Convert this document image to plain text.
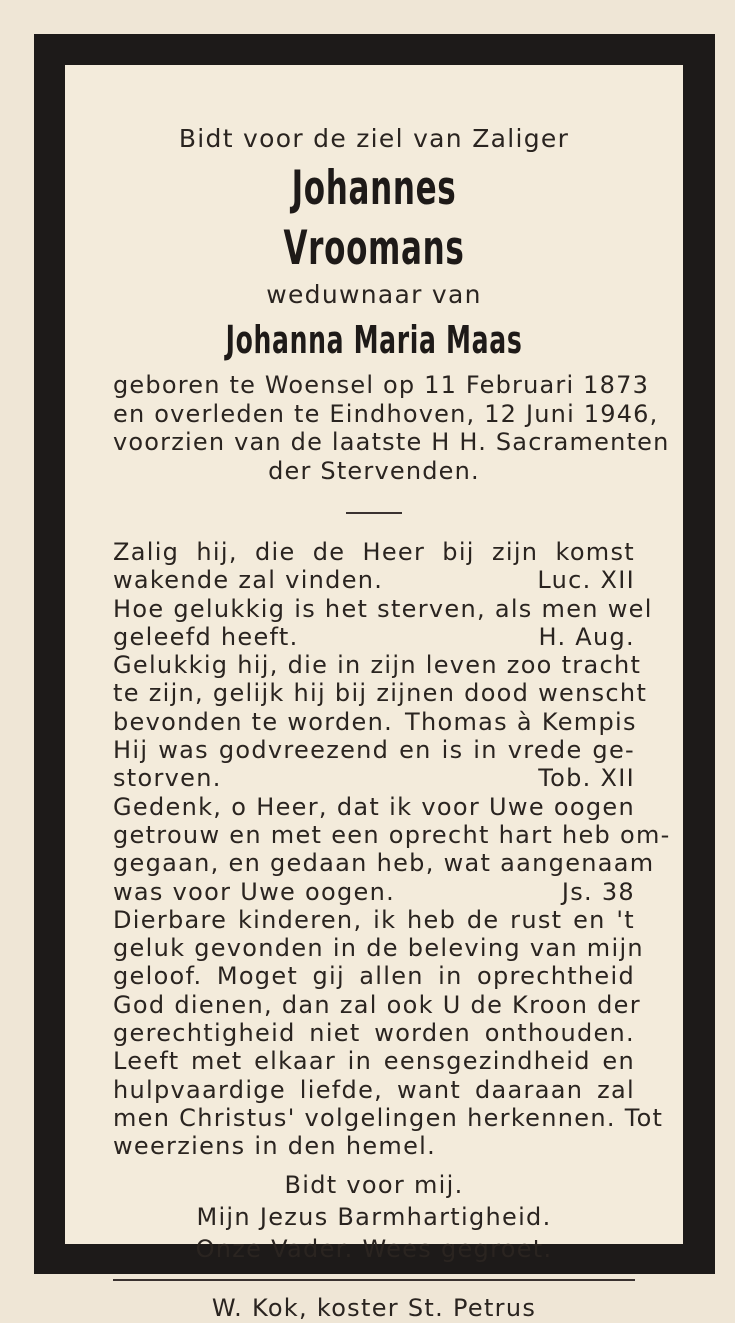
Bidt voor de ziel van Zaliger

Johannes Vroomans

weduwnaar van

Johanna Maria Maas
geboren te Woensel op 11 Februari 1873
en overleden te Eindhoven, 12 Juni 1946,
voorzien van de laatste H H. Sacramenten
der Stervenden.
Zalig hij, die de Heer bij zijn komst
wakende zal vinden.	Luc. XII
Hoe gelukkig is het sterven, als men wel
geleefd heeft.	H. Aug.
Gelukkig hij, die in zijn leven zoo tracht
te zijn, gelijk hij bij zijnen dood wenscht
bevonden te worden. Thomas à Kempis
Hij was godvreezend en is in vrede ge-
storven.	Tob. XII
Gedenk, o Heer, dat ik voor Uwe oogen
getrouw en met een oprecht hart heb om-
gegaan, en gedaan heb, wat aangenaam
was voor Uwe oogen.	Js. 38
Dierbare kinderen, ik heb de rust en 't
geluk gevonden in de beleving van mijn
geloof. Moget gij allen in oprechtheid
God dienen, dan zal ook U de Kroon der
gerechtigheid niet worden onthouden.
Leeft met elkaar in eensgezindheid en
hulpvaardige liefde, want daaraan zal
men Christus' volgelingen herkennen. Tot
weerziens in den hemel.
Bidt voor mij.
Mijn Jezus Barmhartigheid.
Onze Vader. Wees gegroet.
W. Kok, koster St. Petrus
